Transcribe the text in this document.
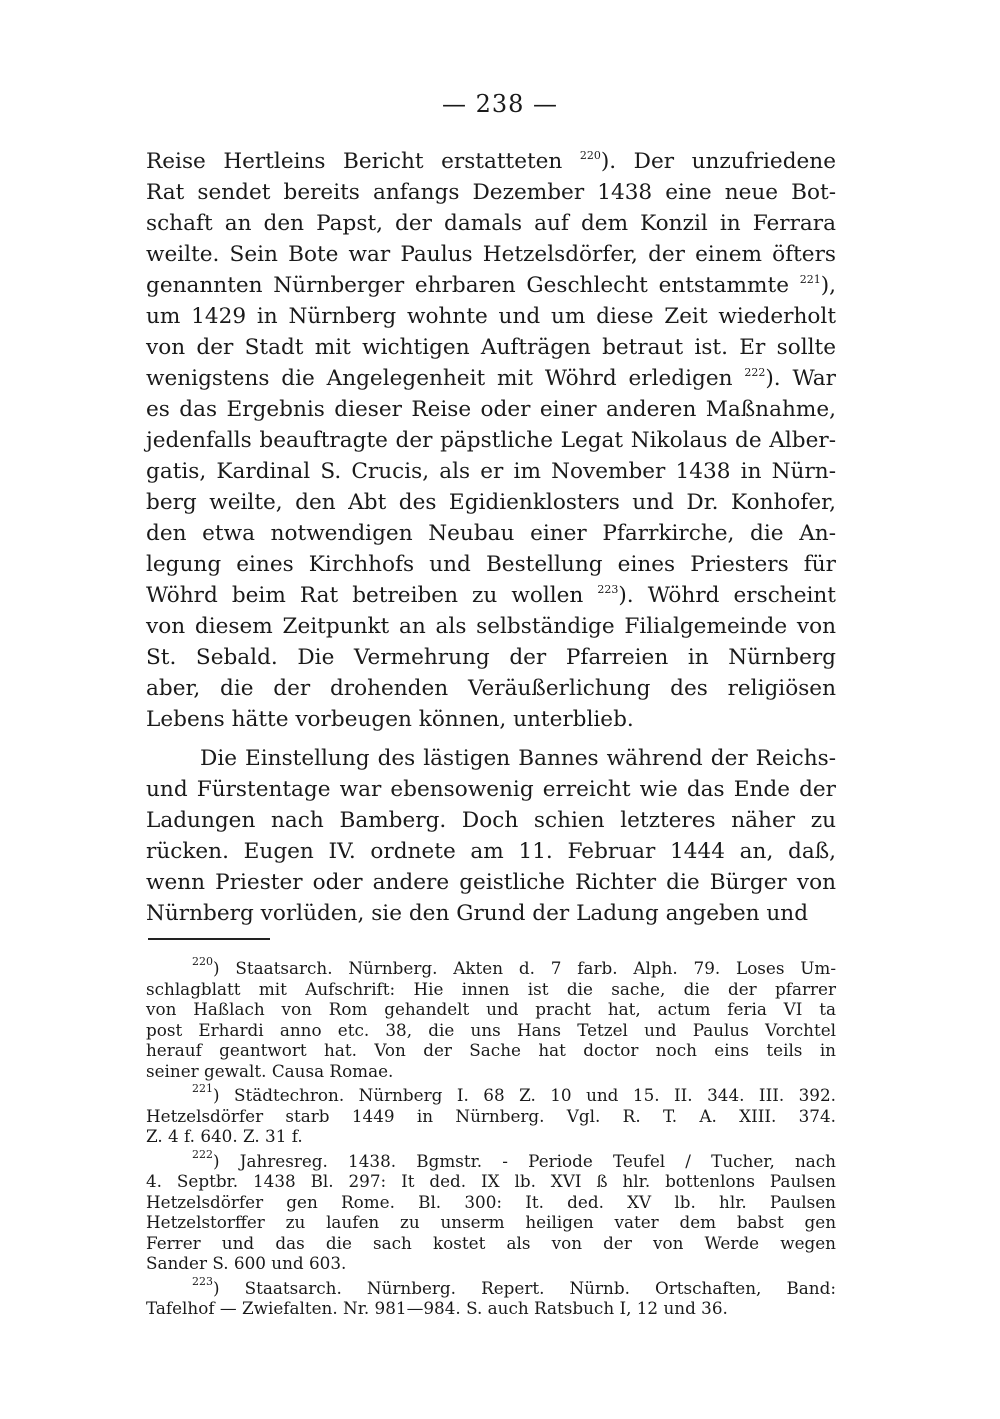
— 238 —
Reise Hertleins Bericht erstatteten $^{220}$). Der unzufriedene
Rat sendet bereits anfangs Dezember 1438 eine neue Bot-
schaft an den Papst, der damals auf dem Konzil in Ferrara
weilte. Sein Bote war Paulus Hetzelsdörfer, der einem öfters
genannten Nürnberger ehrbaren Geschlecht entstammte $^{221}$),
um 1429 in Nürnberg wohnte und um diese Zeit wiederholt
von der Stadt mit wichtigen Aufträgen betraut ist. Er sollte
wenigstens die Angelegenheit mit Wöhrd erledigen $^{222}$). War
es das Ergebnis dieser Reise oder einer anderen Maßnahme,
jedenfalls beauftragte der päpstliche Legat Nikolaus de Alber-
gatis, Kardinal S. Crucis, als er im November 1438 in Nürn-
berg weilte, den Abt des Egidienklosters und Dr. Konhofer,
den etwa notwendigen Neubau einer Pfarrkirche, die An-
legung eines Kirchhofs und Bestellung eines Priesters für
Wöhrd beim Rat betreiben zu wollen $^{223}$). Wöhrd erscheint
von diesem Zeitpunkt an als selbständige Filialgemeinde von
St. Sebald. Die Vermehrung der Pfarreien in Nürnberg
aber, die der drohenden Veräußerlichung des religiösen
Lebens hätte vorbeugen können, unterblieb.
Die Einstellung des lästigen Bannes während der Reichs-
und Fürstentage war ebensowenig erreicht wie das Ende der
Ladungen nach Bamberg. Doch schien letzteres näher zu
rücken. Eugen IV. ordnete am 11. Februar 1444 an, daß,
wenn Priester oder andere geistliche Richter die Bürger von
Nürnberg vorlüden, sie den Grund der Ladung angeben und
$^{220}$) Staatsarch. Nürnberg. Akten d. 7 farb. Alph. 79. Loses Um-
schlagblatt mit Aufschrift: Hie innen ist die sache, die der pfarrer
von Haßlach von Rom gehandelt und pracht hat, actum feria VI ta
post Erhardi anno etc. 38, die uns Hans Tetzel und Paulus Vorchtel
herauf geantwort hat. Von der Sache hat doctor noch eins teils in
seiner gewalt. Causa Romae.
$^{221}$) Städtechron. Nürnberg I. 68 Z. 10 und 15. II. 344. III. 392.
Hetzelsdörfer starb 1449 in Nürnberg. Vgl. R. T. A. XIII. 374.
Z. 4 f. 640. Z. 31 f.
$^{222}$) Jahresreg. 1438. Bgmstr. - Periode Teufel / Tucher, nach
4. Septbr. 1438 Bl. 297: It ded. IX lb. XVI ß hlr. bottenlons Paulsen
Hetzelsdörfer gen Rome. Bl. 300: It. ded. XV lb. hlr. Paulsen
Hetzelstorffer zu laufen zu unserm heiligen vater dem babst gen
Ferrer und das die sach kostet als von der von Werde wegen
Sander S. 600 und 603.
$^{223}$) Staatsarch. Nürnberg. Repert. Nürnb. Ortschaften, Band:
Tafelhof — Zwiefalten. Nr. 981—984. S. auch Ratsbuch I, 12 und 36.
